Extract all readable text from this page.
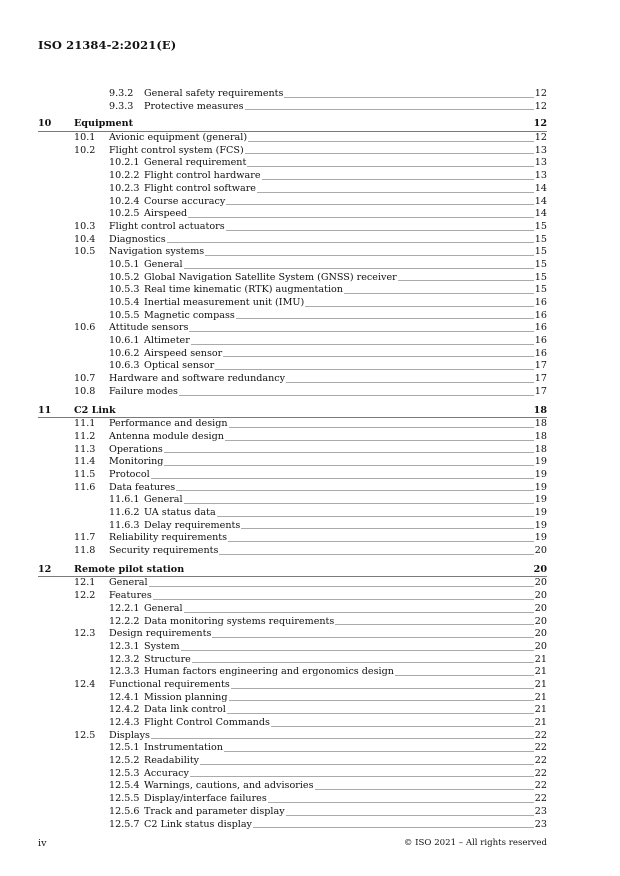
ISO 21384-2:2021(E)
9.3.2 General safety requirements	12
9.3.3 Protective measures	12
10 Equipment	12
10.1 Avionic equipment (general)	12
10.2 Flight control system (FCS)	13
10.2.1 General requirement	13
10.2.2 Flight control hardware	13
10.2.3 Flight control software	14
10.2.4 Course accuracy	14
10.2.5 Airspeed	14
10.3 Flight control actuators	15
10.4 Diagnostics	15
10.5 Navigation systems	15
10.5.1 General	15
10.5.2 Global Navigation Satellite System (GNSS) receiver	15
10.5.3 Real time kinematic (RTK) augmentation	15
10.5.4 Inertial measurement unit (IMU)	16
10.5.5 Magnetic compass	16
10.6 Attitude sensors	16
10.6.1 Altimeter	16
10.6.2 Airspeed sensor	16
10.6.3 Optical sensor	17
10.7 Hardware and software redundancy	17
10.8 Failure modes	17
11 C2 Link	18
11.1 Performance and design	18
11.2 Antenna module design	18
11.3 Operations	18
11.4 Monitoring	19
11.5 Protocol	19
11.6 Data features	19
11.6.1 General	19
11.6.2 UA status data	19
11.6.3 Delay requirements	19
11.7 Reliability requirements	19
11.8 Security requirements	20
12 Remote pilot station	20
12.1 General	20
12.2 Features	20
12.2.1 General	20
12.2.2 Data monitoring systems requirements	20
12.3 Design requirements	20
12.3.1 System	20
12.3.2 Structure	21
12.3.3 Human factors engineering and ergonomics design	21
12.4 Functional requirements	21
12.4.1 Mission planning	21
12.4.2 Data link control	21
12.4.3 Flight Control Commands	21
12.5 Displays	22
12.5.1 Instrumentation	22
12.5.2 Readability	22
12.5.3 Accuracy	22
12.5.4 Warnings, cautions, and advisories	22
12.5.5 Display/interface failures	22
12.5.6 Track and parameter display	23
12.5.7 C2 Link status display	23
iv	© ISO 2021 – All rights reserved
